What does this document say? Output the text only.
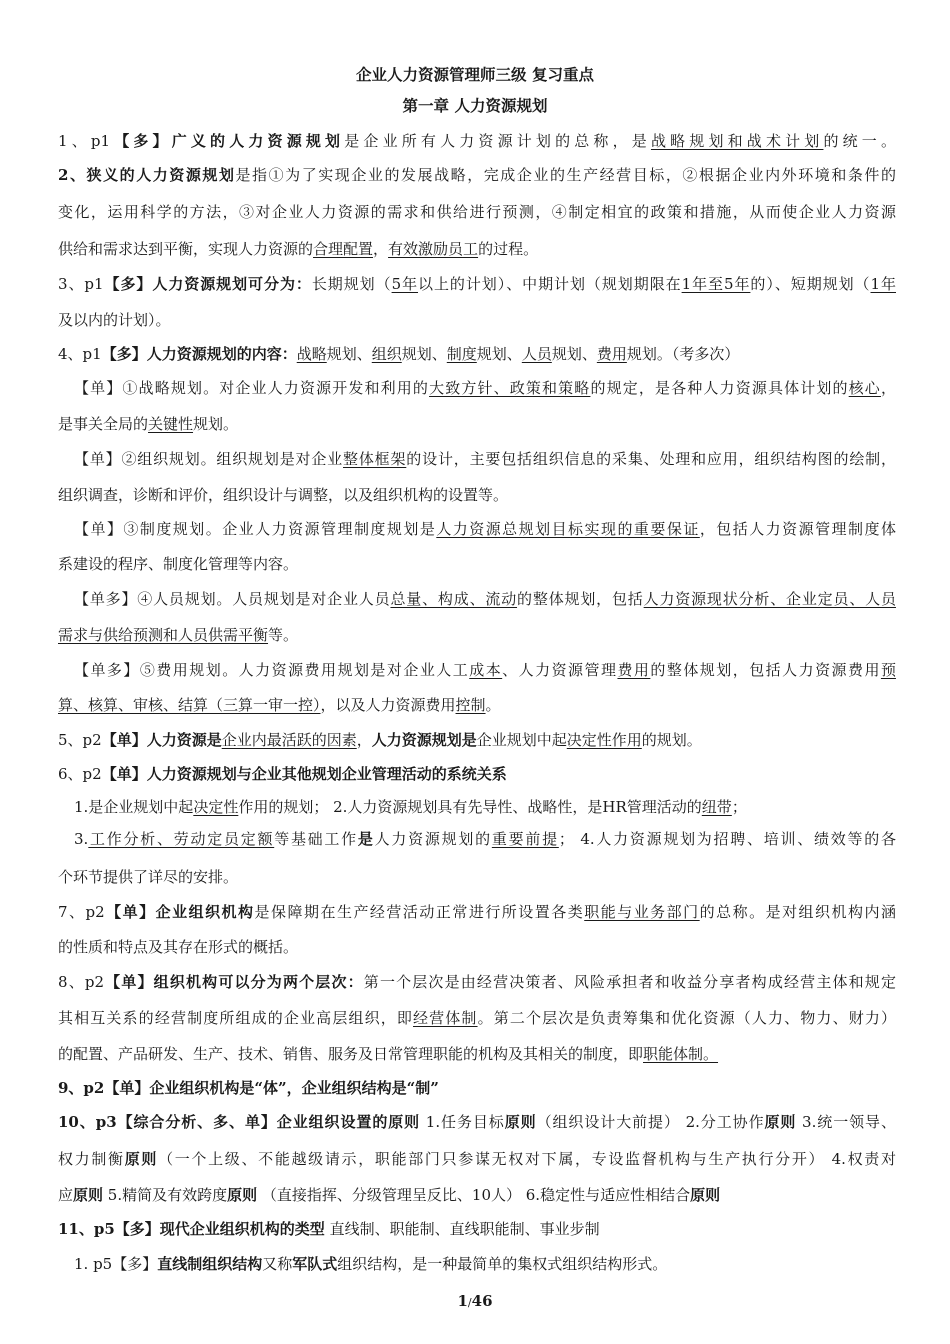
企业人力资源管理师三级 复习重点
第一章 人力资源规划
1、p1【多】广义的人力资源规划是企业所有人力资源计划的总称，是战略规划和战术计划的统一。
2、狭义的人力资源规划是指①为了实现企业的发展战略，完成企业的生产经营目标，②根据企业内外环境和条件的
变化，运用科学的方法，③对企业人力资源的需求和供给进行预测，④制定相宜的政策和措施，从而使企业人力资源
供给和需求达到平衡，实现人力资源的合理配置，有效激励员工的过程。
3、p1【多】人力资源规划可分为：长期规划（5年以上的计划）、中期计划（规划期限在1年至5年的）、短期规划（1年
及以内的计划）。
4、p1【多】人力资源规划的内容：战略规划、组织规划、制度规划、人员规划、费用规划。（考多次）
【单】①战略规划。对企业人力资源开发和利用的大致方针、政策和策略的规定，是各种人力资源具体计划的核心，
是事关全局的关键性规划。
【单】②组织规划。组织规划是对企业整体框架的设计，主要包括组织信息的采集、处理和应用，组织结构图的绘制，
组织调查，诊断和评价，组织设计与调整，以及组织机构的设置等。
【单】③制度规划。企业人力资源管理制度规划是人力资源总规划目标实现的重要保证，包括人力资源管理制度体
系建设的程序、制度化管理等内容。
【单多】④人员规划。人员规划是对企业人员总量、构成、流动的整体规划，包括人力资源现状分析、企业定员、人员
需求与供给预测和人员供需平衡等。
【单多】⑤费用规划。人力资源费用规划是对企业人工成本、人力资源管理费用的整体规划，包括人力资源费用预
算、核算、审核、结算（三算一审一控），以及人力资源费用控制。
5、p2【单】人力资源是企业内最活跃的因素，人力资源规划是企业规划中起决定性作用的规划。
6、p2【单】人力资源规划与企业其他规划企业管理活动的系统关系
1.是企业规划中起决定性作用的规划； 2.人力资源规划具有先导性、战略性，是HR管理活动的纽带；
3.工作分析、劳动定员定额等基础工作是人力资源规划的重要前提； 4.人力资源规划为招聘、培训、绩效等的各
个环节提供了详尽的安排。
7、p2【单】企业组织机构是保障期在生产经营活动正常进行所设置各类职能与业务部门的总称。是对组织机构内涵
的性质和特点及其存在形式的概括。
8、p2【单】组织机构可以分为两个层次：第一个层次是由经营决策者、风险承担者和收益分享者构成经营主体和规定
其相互关系的经营制度所组成的企业高层组织，即经营体制。第二个层次是负责筹集和优化资源（人力、物力、财力）
的配置、产品研发、生产、技术、销售、服务及日常管理职能的机构及其相关的制度，即职能体制。
9、p2【单】企业组织机构是“体”，企业组织结构是“制”
10、p3【综合分析、多、单】企业组织设置的原则 1.任务目标原则（组织设计大前提） 2.分工协作原则 3.统一领导、
权力制衡原则（一个上级、不能越级请示，职能部门只参谋无权对下属，专设监督机构与生产执行分开） 4.权责对
应原则 5.精简及有效跨度原则 （直接指挥、分级管理呈反比、10人） 6.稳定性与适应性相结合原则
11、p5【多】现代企业组织机构的类型 直线制、职能制、直线职能制、事业步制
1. p5【多】直线制组织结构又称军队式组织结构，是一种最简单的集权式组织结构形式。
1/46
